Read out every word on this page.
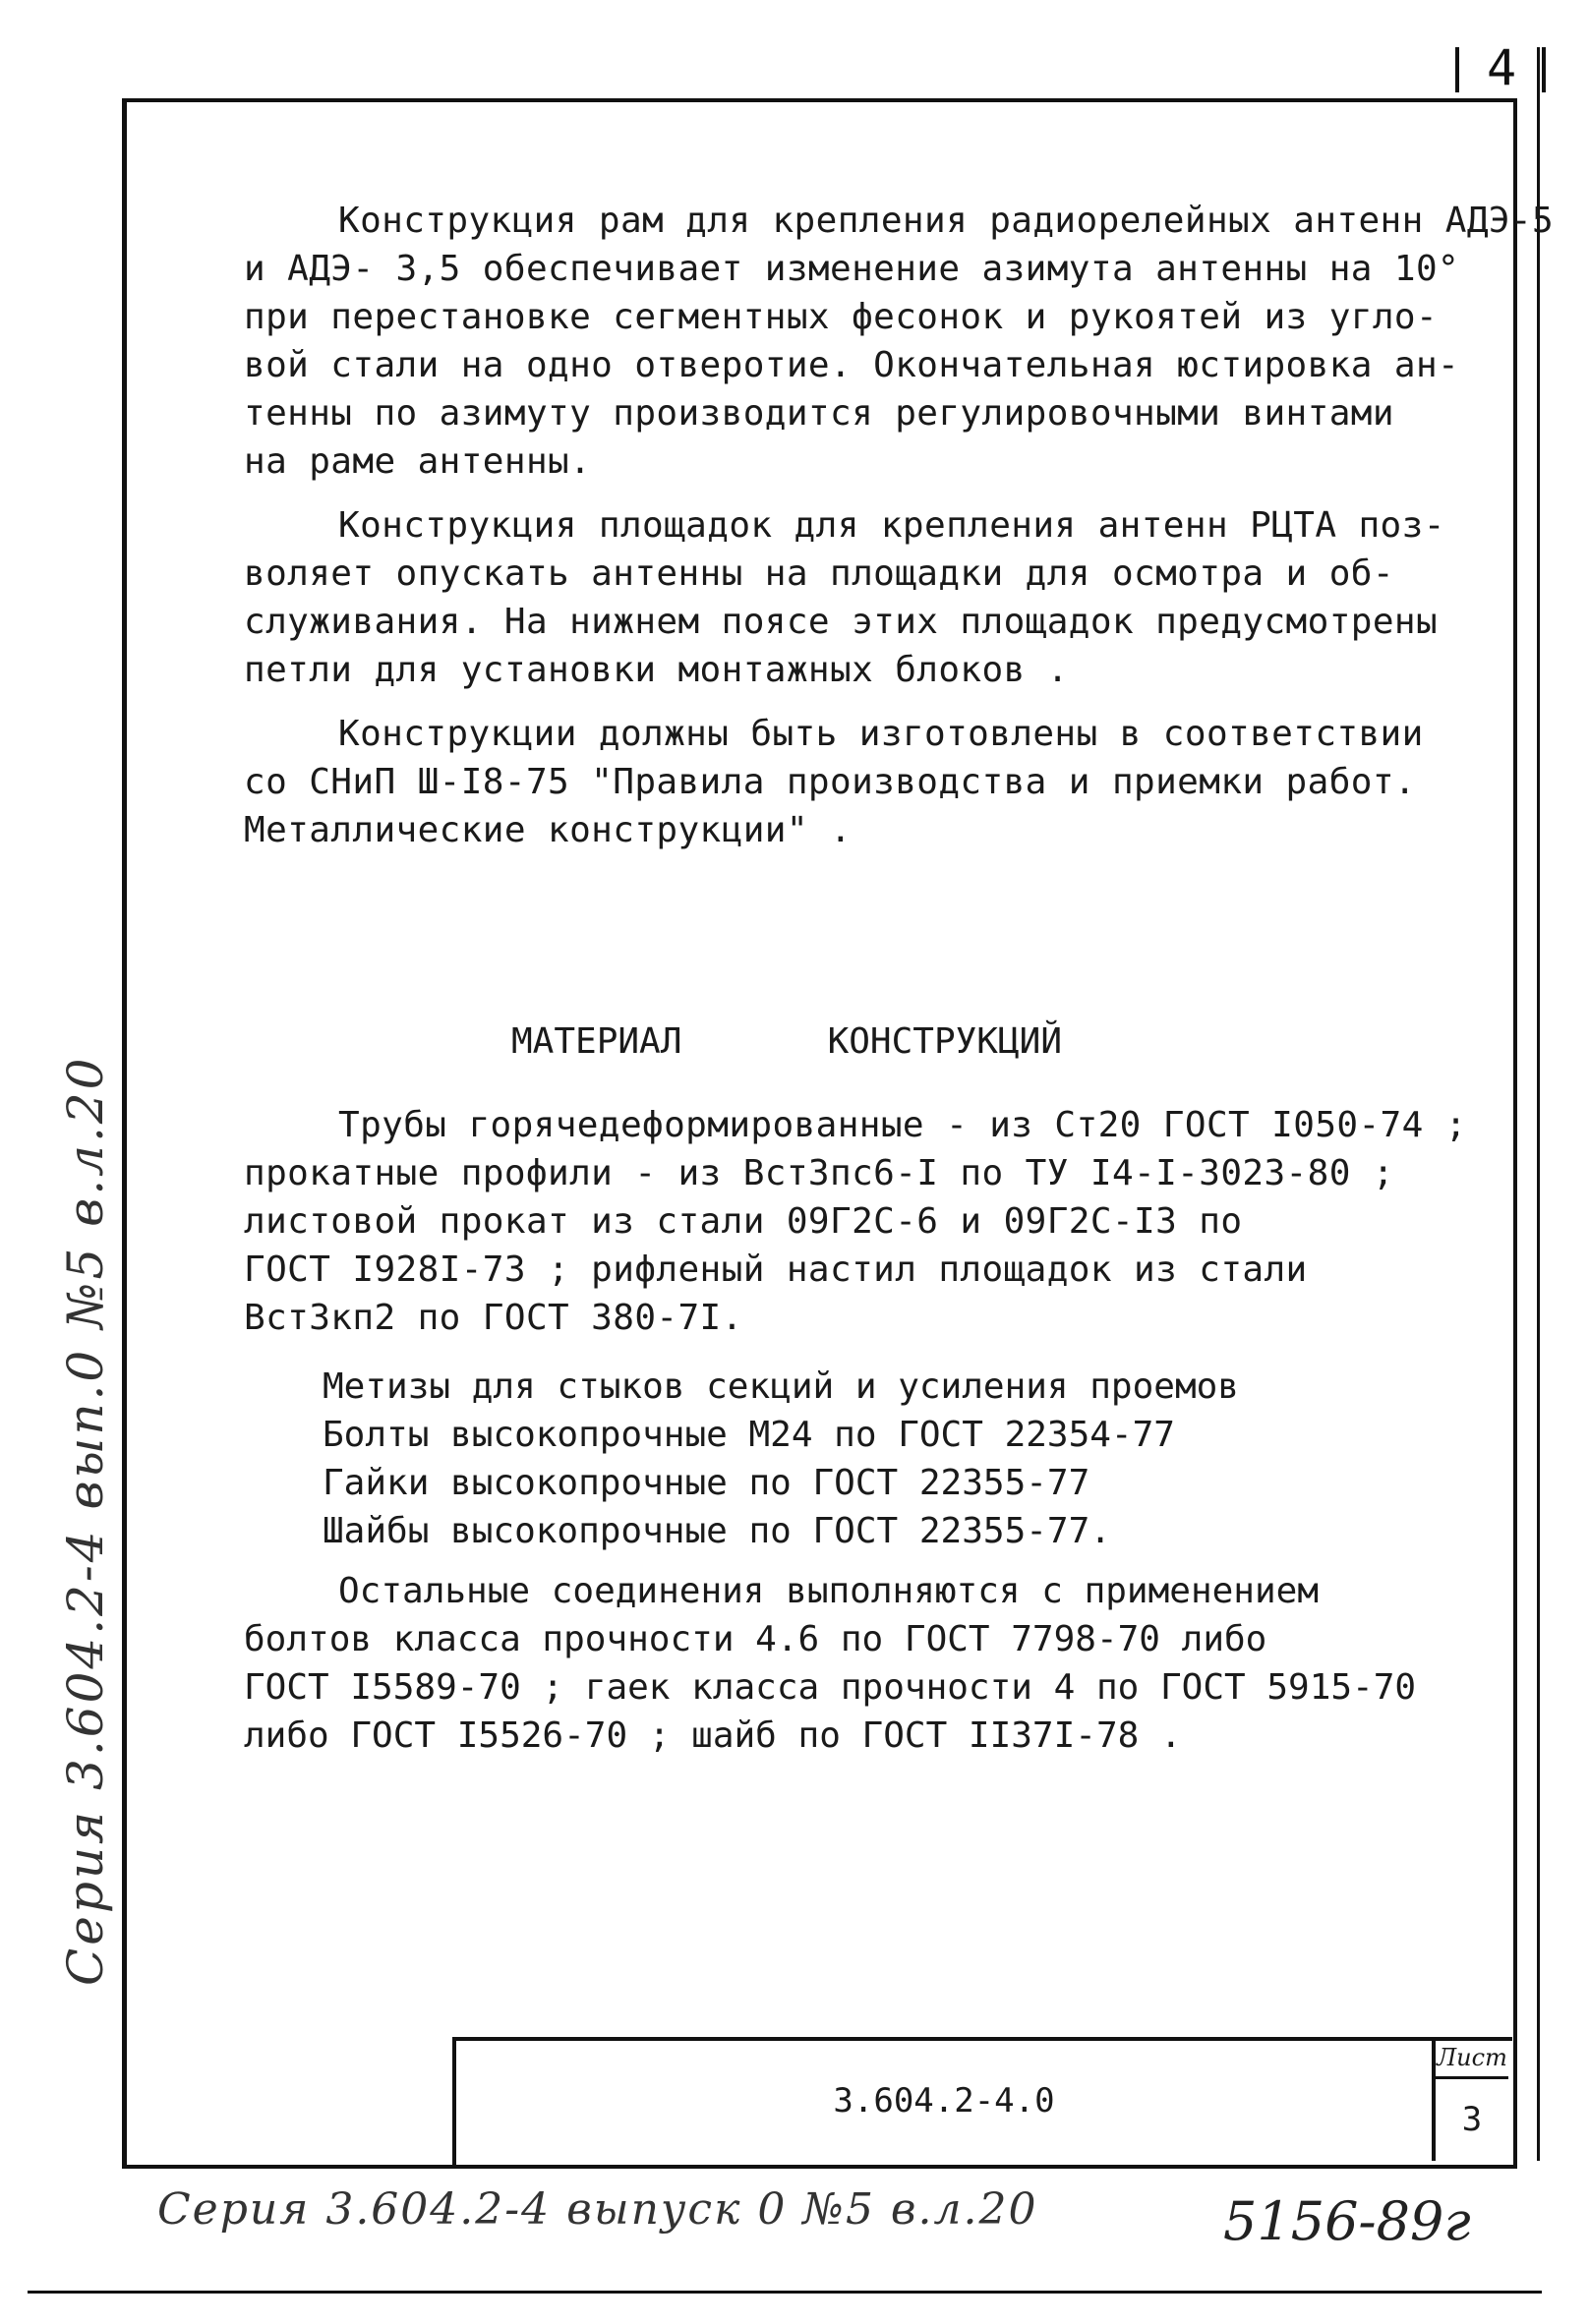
4
Конструкция рам для крепления радиорелейных антенн АДЭ-5
и АДЭ- 3,5 обеспечивает изменение азимута антенны на 10°
при перестановке сегментных фесонок и рукоятей из угло-
вой стали на одно отверотие. Окончательная юстировка ан-
тенны по азимуту производится регулировочными винтами
на раме антенны.
Конструкция площадок для крепления антенн РЦТА поз-
воляет опускать антенны на площадки для осмотра и об-
служивания. На нижнем поясе этих площадок предусмотрены
петли для установки монтажных блоков .
Конструкции должны быть изготовлены в соответствии
со СНиП Ш-I8-75 "Правила производства и приемки работ.
Металлические конструкции" .
МАТЕРИАЛ	КОНСТРУКЦИЙ
Трубы горячедеформированные - из Ст20 ГОСТ I050-74 ;
прокатные профили - из Вст3пс6-I по ТУ I4-I-3023-80 ;
листовой прокат из стали 09Г2С-6 и 09Г2С-I3 по
ГОСТ I928I-73 ; рифленый настил площадок из стали
Вст3кп2 по ГОСТ 380-7I.
Метизы для стыков секций и усиления проемов
Болты высокопрочные М24 по ГОСТ 22354-77
Гайки высокопрочные по ГОСТ 22355-77
Шайбы высокопрочные по ГОСТ 22355-77.
Остальные соединения выполняются с применением
болтов класса прочности 4.6 по ГОСТ 7798-70 либо
ГОСТ I5589-70 ; гаек класса прочности 4 по ГОСТ 5915-70
либо ГОСТ I5526-70 ; шайб по ГОСТ II37I-78 .
3.604.2-4.0
Лист
3
Серия 3.604.2-4 вып.0 №5 в.л.20
Серия 3.604.2-4 выпуск 0 №5 в.л.20	5156-89г
